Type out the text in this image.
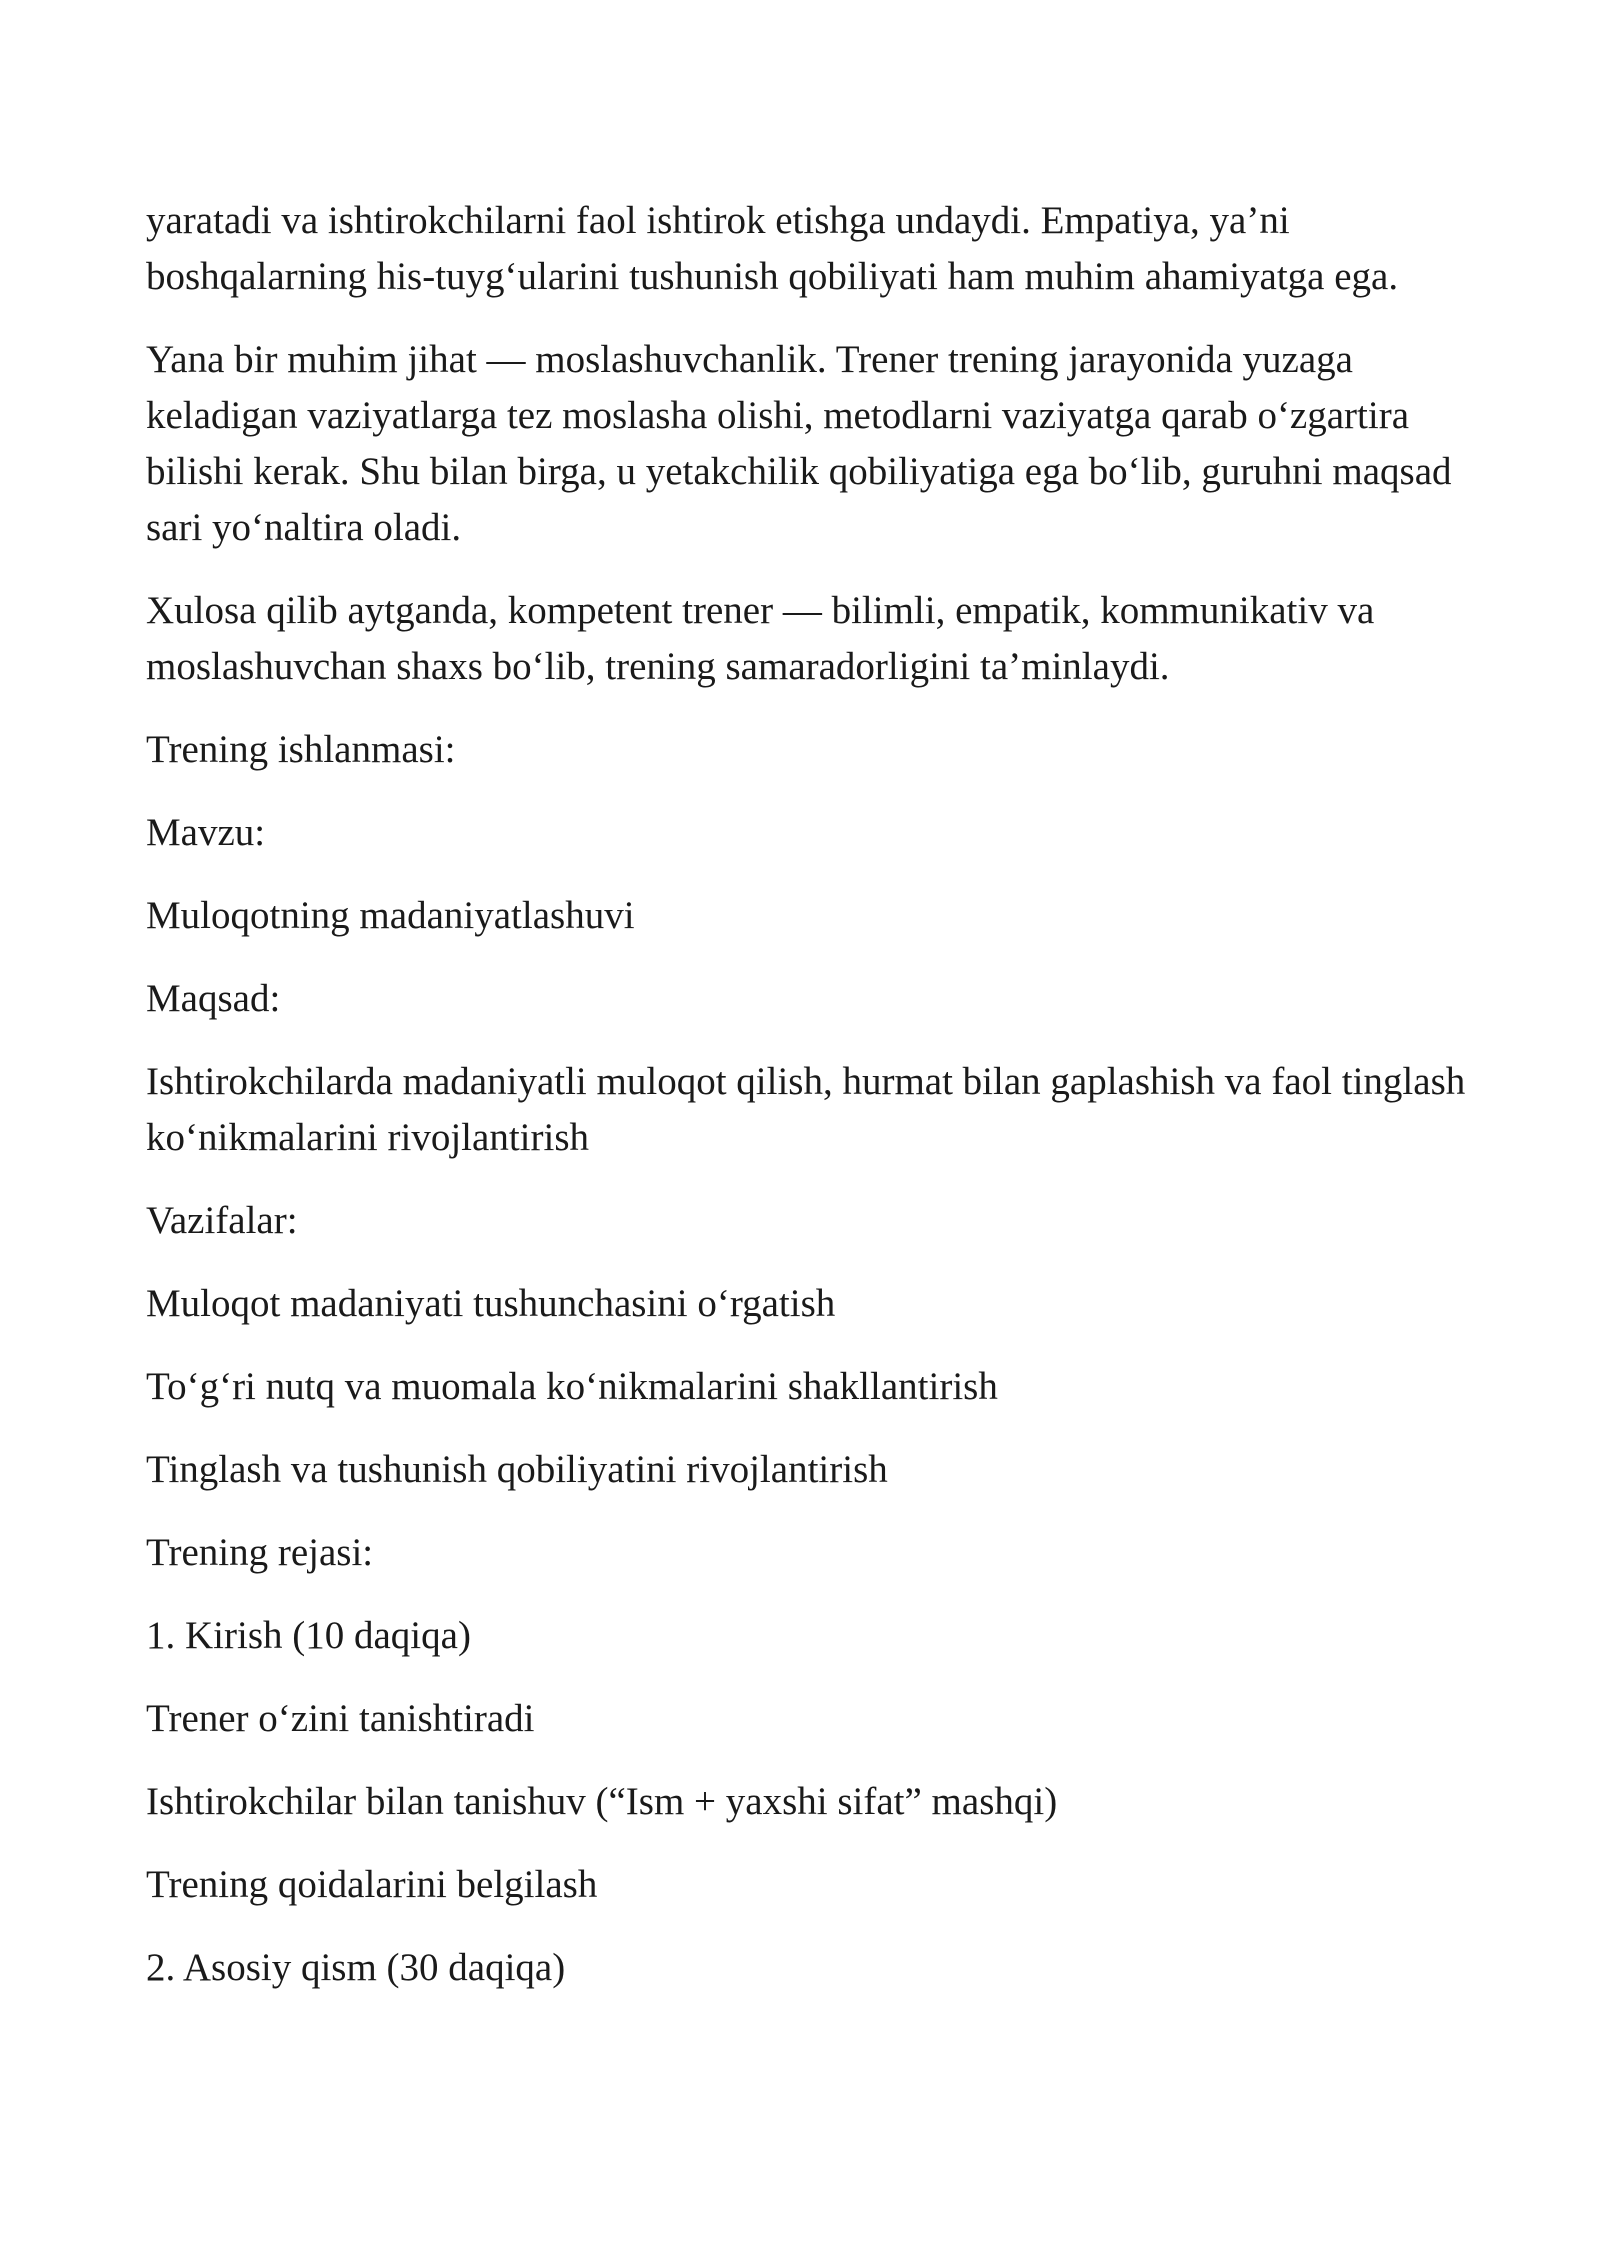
yaratadi va ishtirokchilarni faol ishtirok etishga undaydi. Empatiya, ya’ni boshqalarning his-tuyg‘ularini tushunish qobiliyati ham muhim ahamiyatga ega.

Yana bir muhim jihat — moslashuvchanlik. Trener trening jarayonida yuzaga keladigan vaziyatlarga tez moslasha olishi, metodlarni vaziyatga qarab o‘zgartira bilishi kerak. Shu bilan birga, u yetakchilik qobiliyatiga ega bo‘lib, guruhni maqsad sari yo‘naltira oladi.

Xulosa qilib aytganda, kompetent trener — bilimli, empatik, kommunikativ va moslashuvchan shaxs bo‘lib, trening samaradorligini ta’minlaydi.

Trening ishlanmasi:

Mavzu:

Muloqotning madaniyatlashuvi

Maqsad:

Ishtirokchilarda madaniyatli muloqot qilish, hurmat bilan gaplashish va faol tinglash ko‘nikmalarini rivojlantirish

Vazifalar:

Muloqot madaniyati tushunchasini o‘rgatish

To‘g‘ri nutq va muomala ko‘nikmalarini shakllantirish

Tinglash va tushunish qobiliyatini rivojlantirish

Trening rejasi:

1. Kirish (10 daqiqa)

Trener o‘zini tanishtiradi

Ishtirokchilar bilan tanishuv (“Ism + yaxshi sifat” mashqi)

Trening qoidalarini belgilash

2. Asosiy qism (30 daqiqa)
